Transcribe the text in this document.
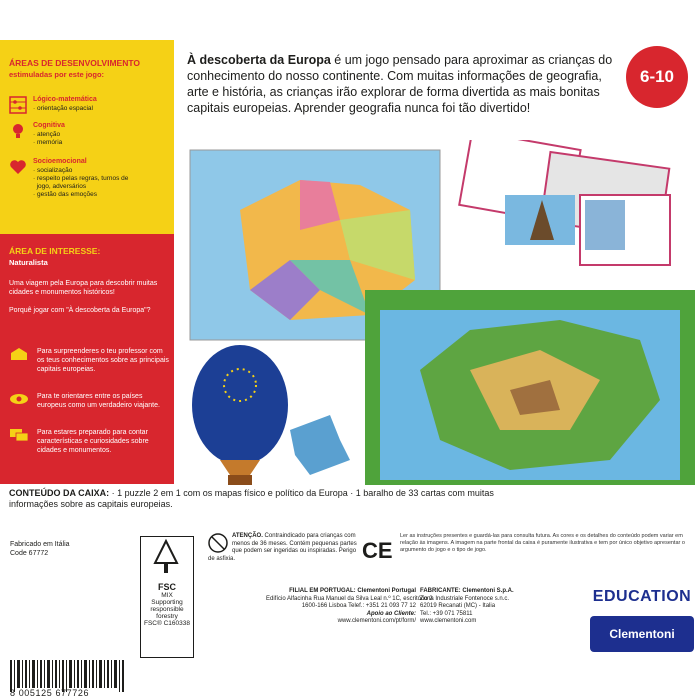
ÁREAS DE DESENVOLVIMENTO
estimuladas por este jogo:
Lógico-matemática
· orientação espacial
Cognitiva
· atenção
· memória
Socioemocional
· socialização
· respeito pelas regras, turnos de
jogo, adversários
· gestão das emoções
ÁREA DE INTERESSE:
Naturalista
Uma viagem pela Europa para descobrir muitas cidades e monumentos históricos!
Porquê jogar com "À descoberta da Europa"?
Para surpreenderes o teu professor com os teus conhecimentos sobre as principais capitais europeias.
Para te orientares entre os países europeus como um verdadeiro viajante.
Para estares preparado para contar características e curiosidades sobre cidades e monumentos.
À descoberta da Europa é um jogo pensado para aproximar as crianças do conhecimento do nosso continente. Com muitas informações de geografia, arte e história, as crianças irão explorar de forma divertida as mais bonitas capitais europeias. Aprender geografia nunca foi tão divertido!
6-10
CONTEÚDO DA CAIXA: · 1 puzzle 2 em 1 com os mapas físico e político da Europa · 1 baralho de 33 cartas com muitas informações sobre as capitais europeias.
Fabricado em Itália
Code 67772
FSC
MIX
Supporting responsible forestry
FSC® C160338
ATENÇÃO. Contraindicado para crianças com menos de 36 meses. Contém pequenas partes que podem ser ingeridas ou inspiradas. Perigo de asfixia.	CE
Ler as instruções presentes e guardá-las para consulta futura. As cores e os detalhes do conteúdo podem variar em relação às imagens. A imagem na parte frontal da caixa é puramente ilustrativa e tem por único objetivo apresentar o argumento do jogo e o tipo de jogo.
FILIAL EM PORTUGAL: Clementoni Portugal
Edifício Alfacinha Rua Manuel da Silva Leal n.º 1C, escritório 2
1600-166 Lisboa Telef.: +351 21 093 77 12
Apoio ao Cliente:
www.clementoni.com/pt/form/
FABRICANTE: Clementoni S.p.A.
Zona Industriale Fontenoce s.n.c.
62019 Recanati (MC) - Italia
Tel.: +39 071 75811
www.clementoni.com
EDUCATION
Clementoni
8 005125 677726
